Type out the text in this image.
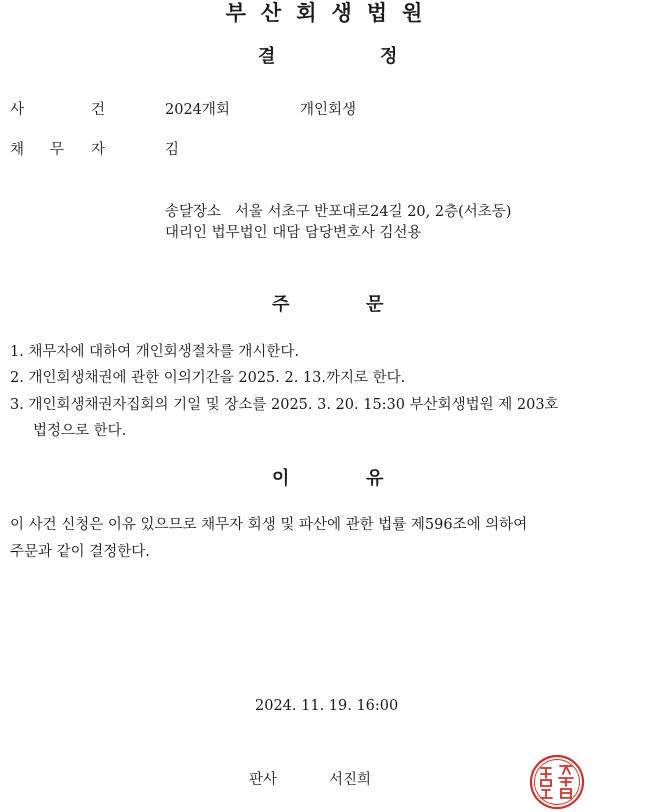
부산회생법원
결	정
사	건	2024개회	개인회생
채 무 자	김
송달장소   서울 서초구 반포대로24길 20, 2층(서초동)
대리인 법무법인 대담 담당변호사 김선용
주	문
1. 채무자에 대하여 개인회생절차를 개시한다.
2. 개인회생채권에 관한 이의기간을 2025. 2. 13.까지로 한다.
3. 개인회생채권자집회의 기일 및 장소를 2025. 3. 20. 15:30 부산회생법원 제 203호
법정으로 한다.
이	유
이 사건 신청은 이유 있으므로 채무자 회생 및 파산에 관한 법률 제596조에 의하여
주문과 같이 결정한다.
2024. 11. 19. 16:00
판사	서진희
